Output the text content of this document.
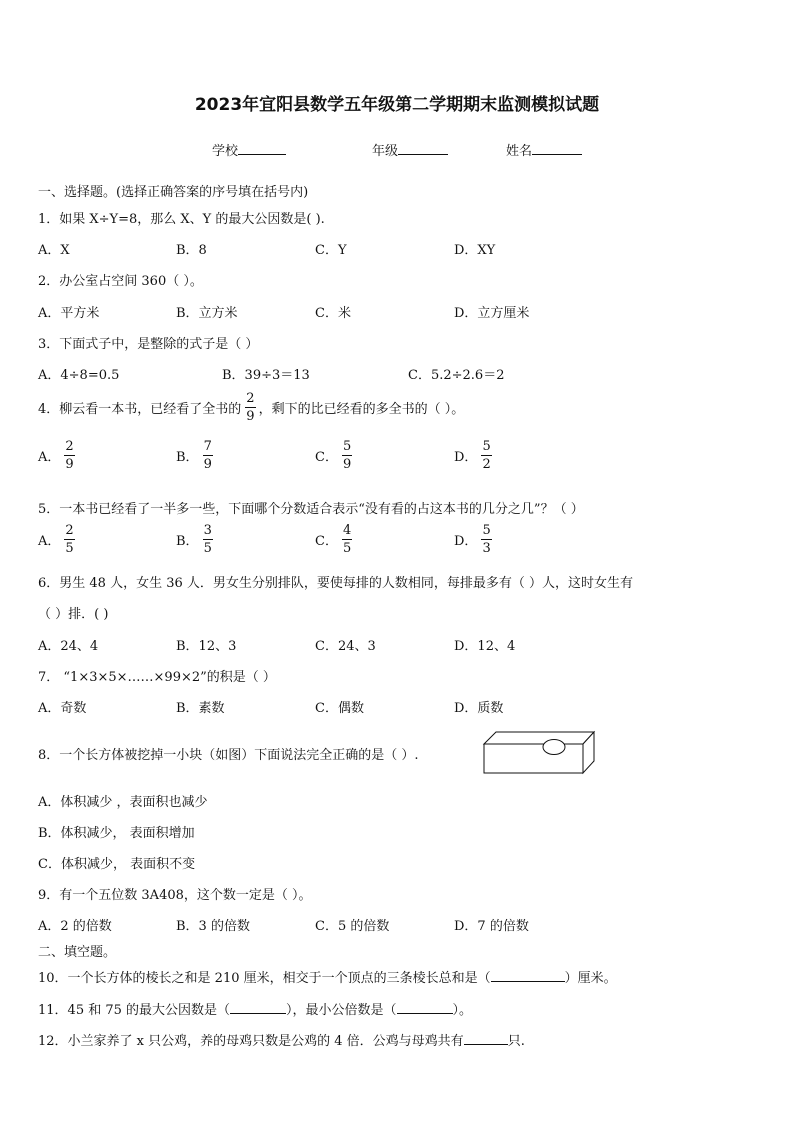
2023年宜阳县数学五年级第二学期期末监测模拟试题
学校	年级	姓名
一、选择题。(选择正确答案的序号填在括号内)
1．如果 X÷Y=8，那么 X、Y 的最大公因数是( ).
A．X	B．8	C．Y	D．XY
2．办公室占空间 360（ ）。
A．平方米	B．立方米	C．米	D．立方厘米
3．下面式子中，是整除的式子是（ ）
A．4÷8=0.5	B．39÷3＝13	C．5.2÷2.6＝2
4．柳云看一本书，已经看了全书的 $\frac{2}{9}$ ，剩下的比已经看的多全书的（ ）。
A． $\frac{2}{9}$	B． $\frac{7}{9}$	C． $\frac{5}{9}$	D． $\frac{5}{2}$
5．一本书已经看了一半多一些，下面哪个分数适合表示“没有看的占这本书的几分之几”？（ ）
A． $\frac{2}{5}$	B． $\frac{3}{5}$	C． $\frac{4}{5}$	D． $\frac{5}{3}$
6．男生 48 人，女生 36 人．男女生分别排队，要使每排的人数相同，每排最多有（ ）人，这时女生有
（ ）排．( )
A．24、4	B．12、3	C．24、3	D．12、4
7． “1×3×5×……×99×2”的积是（ ）
A．奇数	B．素数	C．偶数	D．质数
8．一个长方体被挖掉一小块（如图）下面说法完全正确的是（ ）.
A．体积减少 ，表面积也减少
B．体积减少， 表面积增加
C．体积减少， 表面积不变
9．有一个五位数 3A408，这个数一定是（ ）。
A．2 的倍数	B．3 的倍数	C．5 的倍数	D．7 的倍数
二、填空题。
10．一个长方体的棱长之和是 210 厘米，相交于一个顶点的三条棱长总和是（	）厘米。
11．45 和 75 的最大公因数是（	），最小公倍数是（	）。
12．小兰家养了 x 只公鸡，养的母鸡只数是公鸡的 4 倍．公鸡与母鸡共有	只.
